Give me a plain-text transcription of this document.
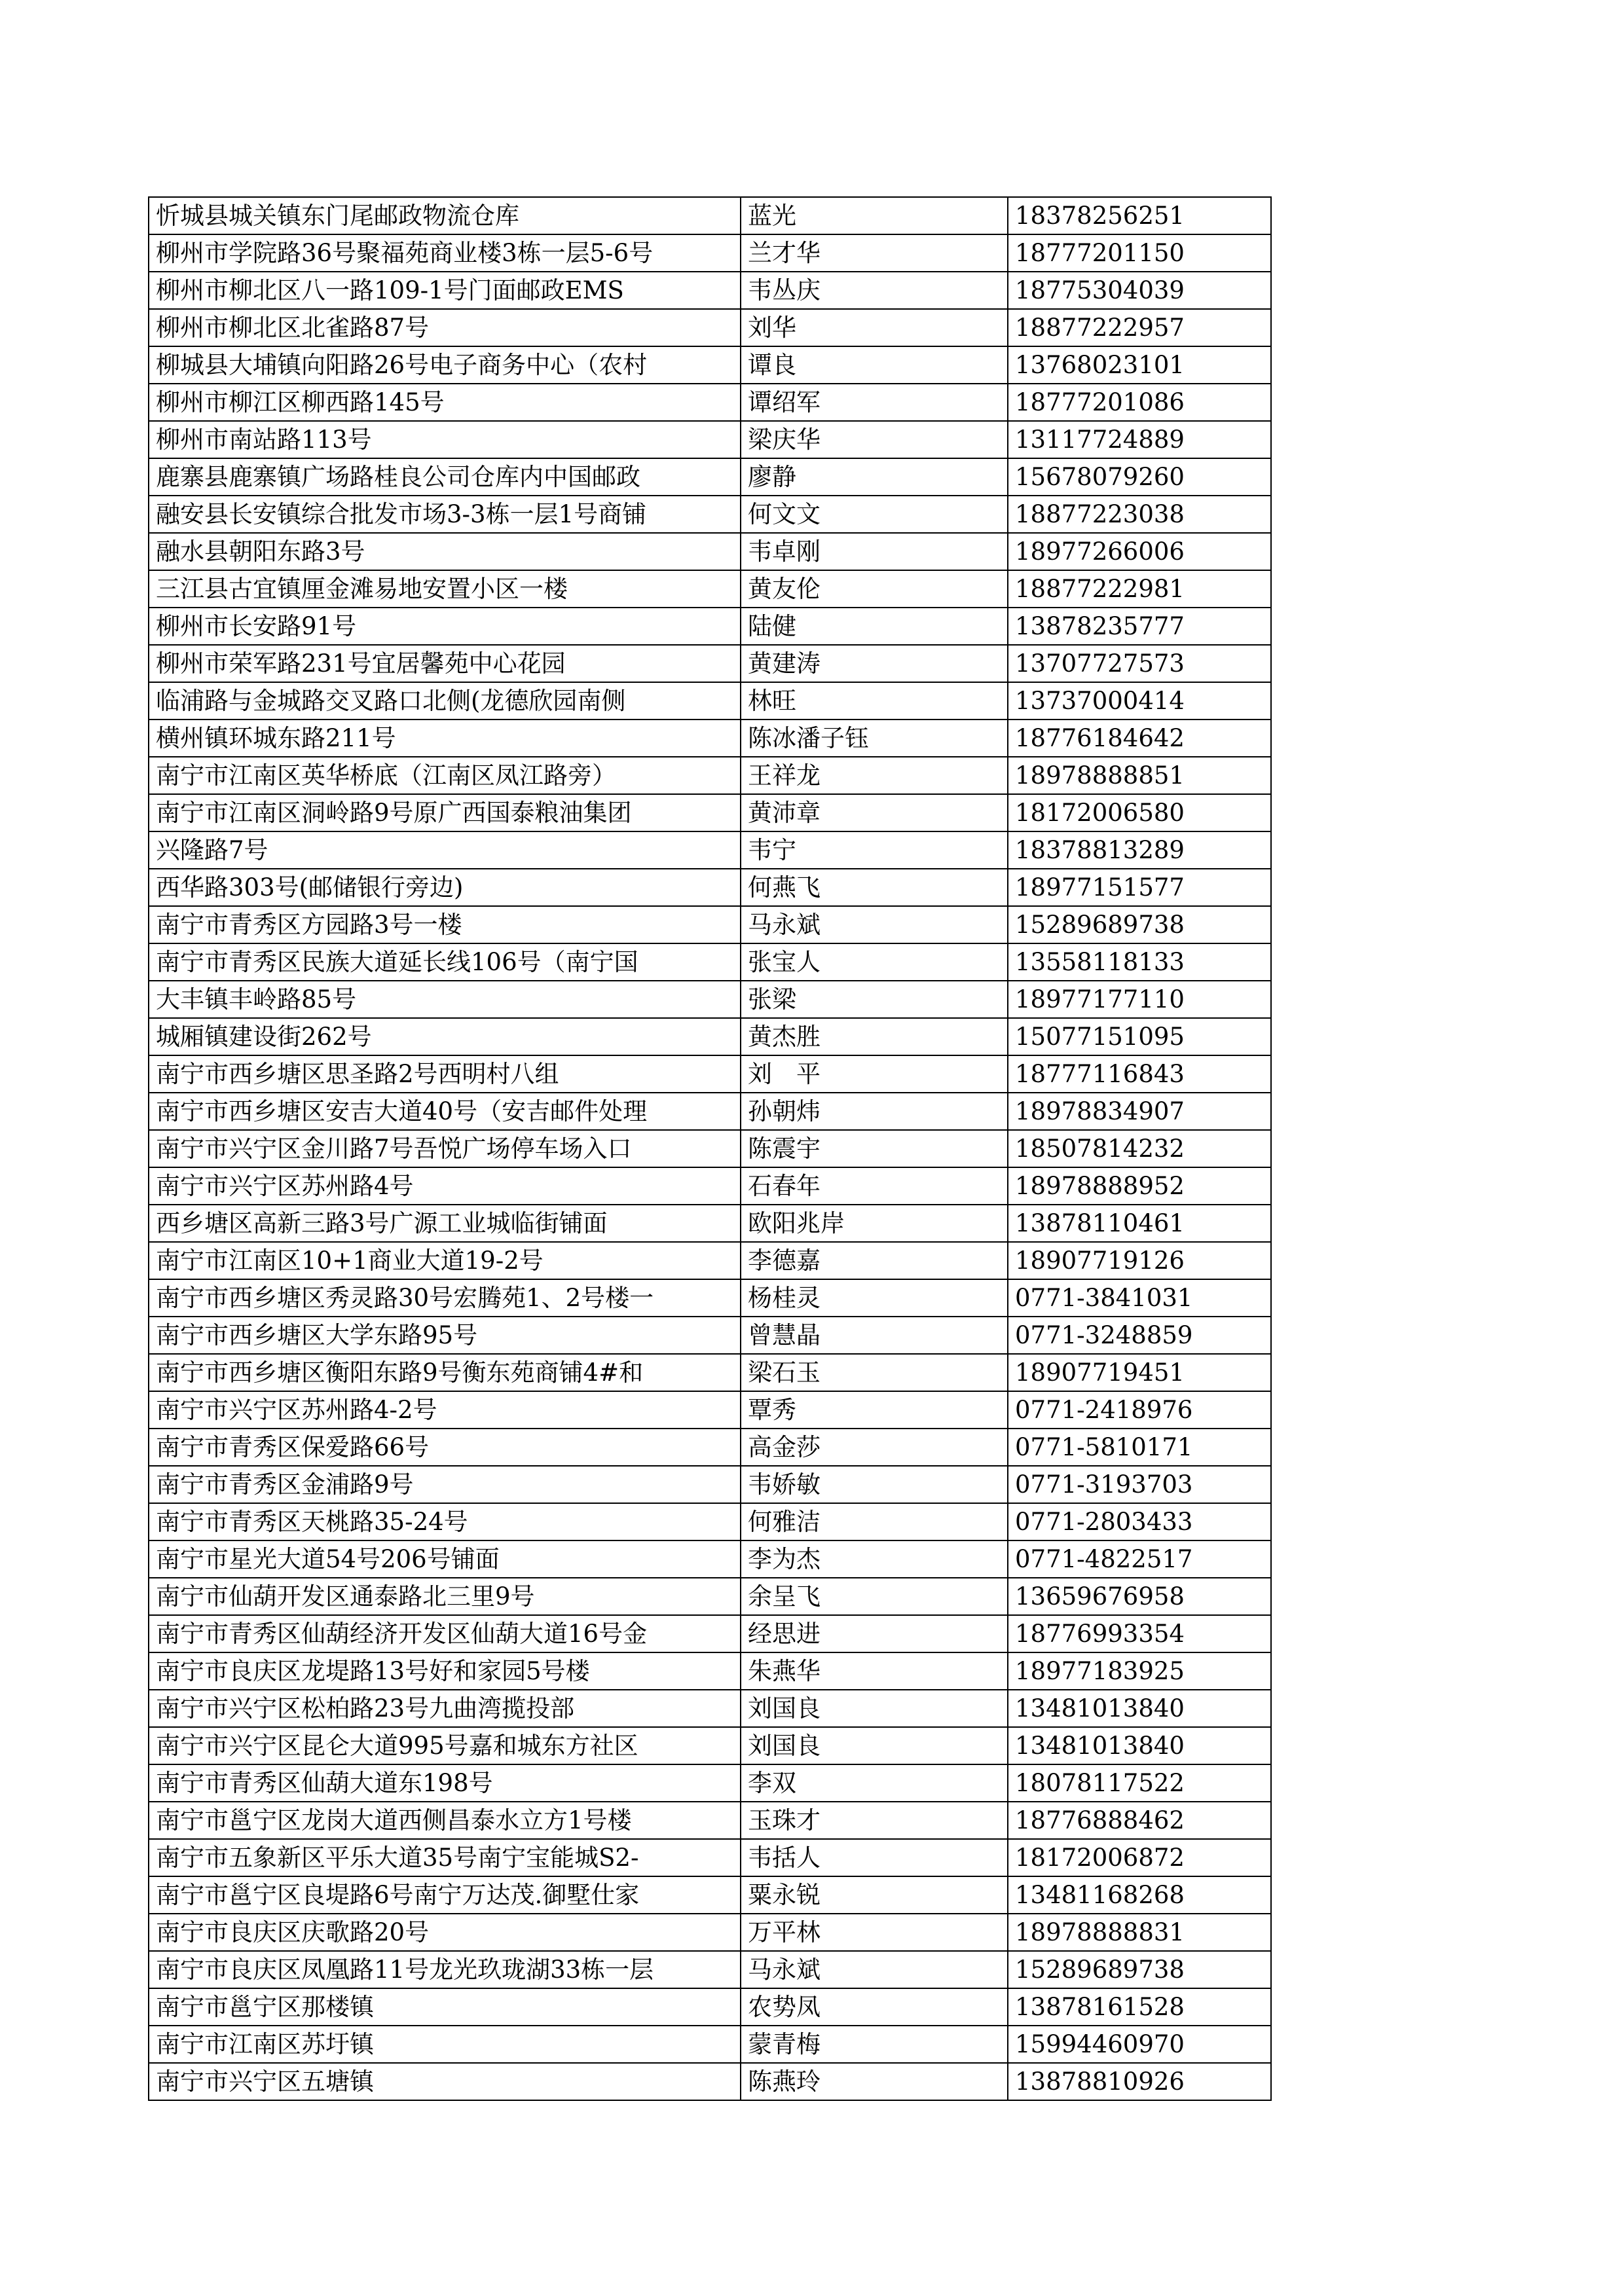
忻城县城关镇东门尾邮政物流仓库	蓝光	18378256251
柳州市学院路36号聚福苑商业楼3栋一层5-6号	兰才华	18777201150
柳州市柳北区八一路109-1号门面邮政EMS	韦丛庆	18775304039
柳州市柳北区北雀路87号	刘华	18877222957
柳城县大埔镇向阳路26号电子商务中心（农村	谭良	13768023101
柳州市柳江区柳西路145号	谭绍军	18777201086
柳州市南站路113号	梁庆华	13117724889
鹿寨县鹿寨镇广场路桂良公司仓库内中国邮政	廖静	15678079260
融安县长安镇综合批发市场3-3栋一层1号商铺	何文文	18877223038
融水县朝阳东路3号	韦卓刚	18977266006
三江县古宜镇厘金滩易地安置小区一楼	黄友伦	18877222981
柳州市长安路91号	陆健	13878235777
柳州市荣军路231号宜居馨苑中心花园	黄建涛	13707727573
临浦路与金城路交叉路口北侧(龙德欣园南侧	林旺	13737000414
横州镇环城东路211号	陈冰潘子钰	18776184642
南宁市江南区英华桥底（江南区凤江路旁）	王祥龙	18978888851
南宁市江南区洞岭路9号原广西国泰粮油集团	黄沛章	18172006580
兴隆路7号	韦宁	18378813289
西华路303号(邮储银行旁边)	何燕飞	18977151577
南宁市青秀区方园路3号一楼	马永斌	15289689738
南宁市青秀区民族大道延长线106号（南宁国	张宝人	13558118133
大丰镇丰岭路85号	张梁	18977177110
城厢镇建设街262号	黄杰胜	15077151095
南宁市西乡塘区思圣路2号西明村八组	刘　平	18777116843
南宁市西乡塘区安吉大道40号（安吉邮件处理	孙朝炜	18978834907
南宁市兴宁区金川路7号吾悦广场停车场入口	陈震宇	18507814232
南宁市兴宁区苏州路4号	石春年	18978888952
西乡塘区高新三路3号广源工业城临街铺面	欧阳兆岸	13878110461
南宁市江南区10+1商业大道19-2号	李德嘉	18907719126
南宁市西乡塘区秀灵路30号宏腾苑1、2号楼一	杨桂灵	0771-3841031
南宁市西乡塘区大学东路95号	曾慧晶	0771-3248859
南宁市西乡塘区衡阳东路9号衡东苑商铺4#和	梁石玉	18907719451
南宁市兴宁区苏州路4-2号	覃秀	0771-2418976
南宁市青秀区保爱路66号	高金莎	0771-5810171
南宁市青秀区金浦路9号	韦娇敏	0771-3193703
南宁市青秀区天桃路35-24号	何雅洁	0771-2803433
南宁市星光大道54号206号铺面	李为杰	0771-4822517
南宁市仙葫开发区通泰路北三里9号	余呈飞	13659676958
南宁市青秀区仙葫经济开发区仙葫大道16号金	经思进	18776993354
南宁市良庆区龙堤路13号好和家园5号楼	朱燕华	18977183925
南宁市兴宁区松柏路23号九曲湾揽投部	刘国良	13481013840
南宁市兴宁区昆仑大道995号嘉和城东方社区	刘国良	13481013840
南宁市青秀区仙葫大道东198号	李双	18078117522
南宁市邕宁区龙岗大道西侧昌泰水立方1号楼	玉珠才	18776888462
南宁市五象新区平乐大道35号南宁宝能城S2-	韦括人	18172006872
南宁市邕宁区良堤路6号南宁万达茂.御墅仕家	粟永锐	13481168268
南宁市良庆区庆歌路20号	万平林	18978888831
南宁市良庆区凤凰路11号龙光玖珑湖33栋一层	马永斌	15289689738
南宁市邕宁区那楼镇	农势凤	13878161528
南宁市江南区苏圩镇	蒙青梅	15994460970
南宁市兴宁区五塘镇	陈燕玲	13878810926
